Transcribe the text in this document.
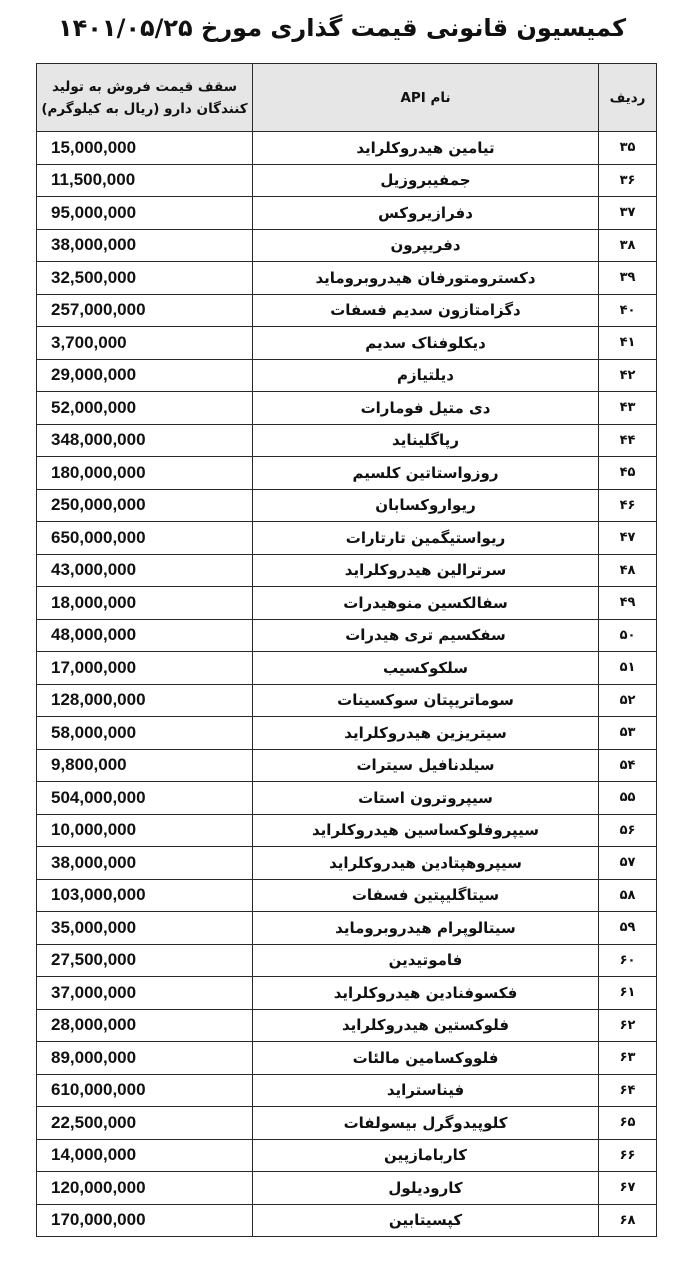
کمیسیون قانونی قیمت گذاری مورخ ۱۴۰۱/۰۵/۲۵
ردیف	نام API	سقف قیمت فروش به تولید
کنندگان دارو (ریال به کیلوگرم)

۳۵	تیامین هیدروکلراید	15,000,000
۳۶	جمفیبروزیل	11,500,000
۳۷	دفرازیروکس	95,000,000
۳۸	دفریپرون	38,000,000
۳۹	دکسترومتورفان هیدروبروماید	32,500,000
۴۰	دگزامتازون سدیم فسفات	257,000,000
۴۱	دیکلوفناک سدیم	3,700,000
۴۲	دیلتیازم	29,000,000
۴۳	دی متیل فومارات	52,000,000
۴۴	رپاگلیناید	348,000,000
۴۵	روزواستاتین کلسیم	180,000,000
۴۶	ریواروکسابان	250,000,000
۴۷	ریواستیگمین تارتارات	650,000,000
۴۸	سرترالین هیدروکلراید	43,000,000
۴۹	سفالکسین منوهیدرات	18,000,000
۵۰	سفکسیم تری هیدرات	48,000,000
۵۱	سلکوکسیب	17,000,000
۵۲	سوماتریپتان سوکسینات	128,000,000
۵۳	سیتریزین هیدروکلراید	58,000,000
۵۴	سیلدنافیل سیترات	9,800,000
۵۵	سیپروترون استات	504,000,000
۵۶	سیپروفلوکساسین هیدروکلراید	10,000,000
۵۷	سیپروهپتادین هیدروکلراید	38,000,000
۵۸	سیتاگلیپتین فسفات	103,000,000
۵۹	سیتالوپرام هیدروبروماید	35,000,000
۶۰	فاموتیدین	27,500,000
۶۱	فکسوفنادین هیدروکلراید	37,000,000
۶۲	فلوکستین هیدروکلراید	28,000,000
۶۳	فلووکسامین مالئات	89,000,000
۶۴	فیناستراید	610,000,000
۶۵	کلوپیدوگرل بیسولفات	22,500,000
۶۶	کاربامازپین	14,000,000
۶۷	کارودیلول	120,000,000
۶۸	کپسیتابین	170,000,000
